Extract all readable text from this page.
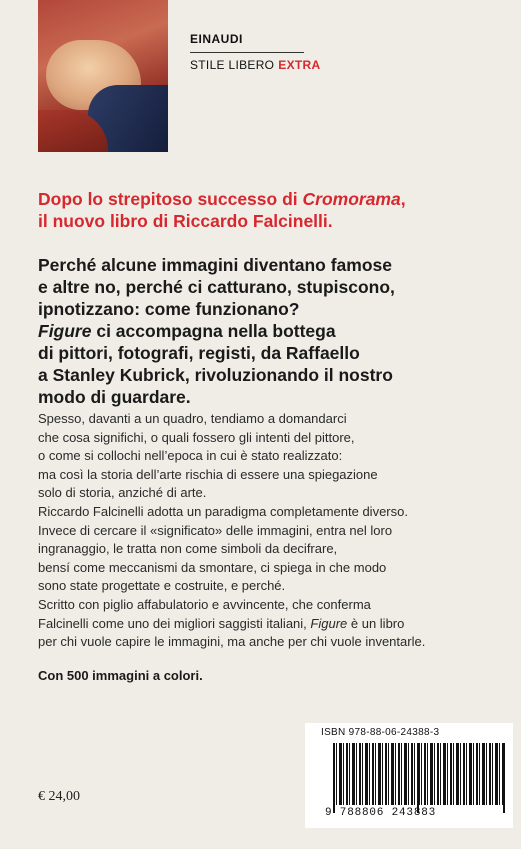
EINAUDI
STILE LIBERO EXTRA
Dopo lo strepitoso successo di Cromorama,
il nuovo libro di Riccardo Falcinelli.
Perché alcune immagini diventano famose
e altre no, perché ci catturano, stupiscono,
ipnotizzano: come funzionano?
Figure ci accompagna nella bottega
di pittori, fotografi, registi, da Raffaello
a Stanley Kubrick, rivoluzionando il nostro
modo di guardare.

Spesso, davanti a un quadro, tendiamo a domandarci

che cosa significhi, o quali fossero gli intenti del pittore,

o come si collochi nell’epoca in cui è stato realizzato:

ma così la storia dell’arte rischia di essere una spiegazione

solo di storia, anziché di arte.

Riccardo Falcinelli adotta un paradigma completamente diverso.

Invece di cercare il «significato» delle immagini, entra nel loro

ingranaggio, le tratta non come simboli da decifrare,

bensí come meccanismi da smontare, ci spiega in che modo

sono state progettate e costruite, e perché.

Scritto con piglio affabulatorio e avvincente, che conferma

Falcinelli come uno dei migliori saggisti italiani, Figure è un libro

per chi vuole capire le immagini, ma anche per chi vuole inventarle.

Con 500 immagini a colori.
€ 24,00
ISBN 978-88-06-24388-3
9 788806 243883
